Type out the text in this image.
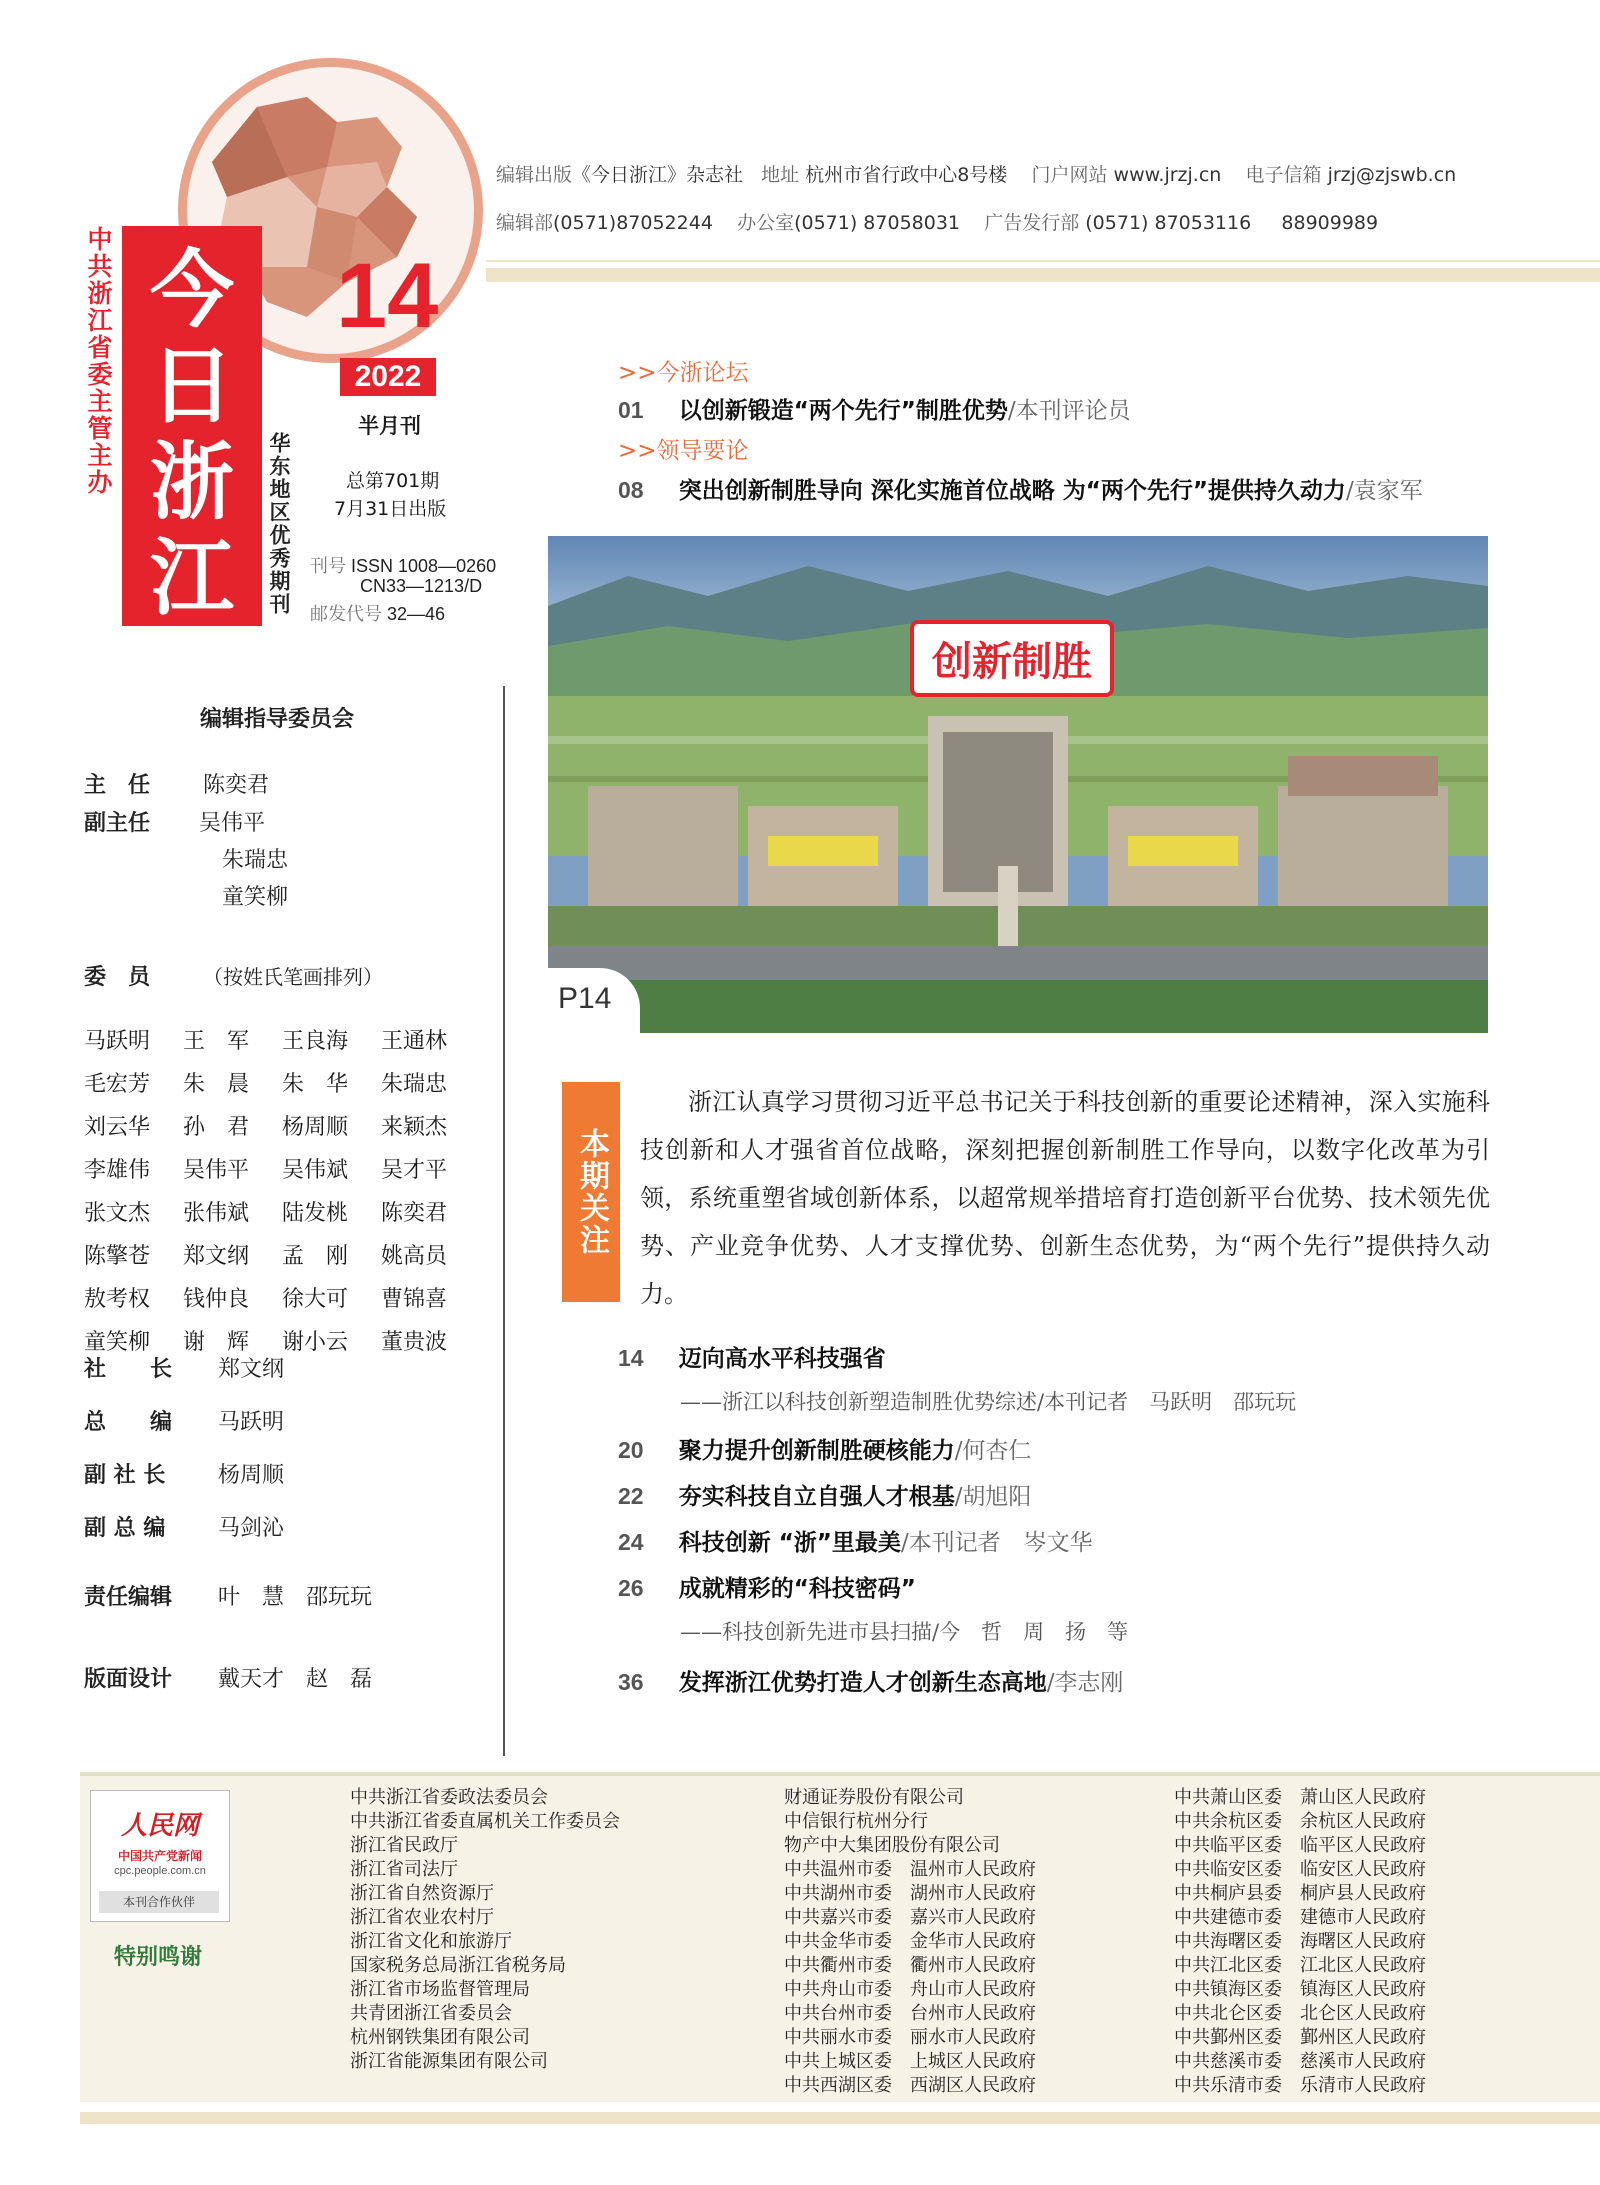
中共浙江省委主管主办 今
日
浙
江	华东地区优秀期刊
14
2022
半月刊
总第701期
7月31日出版
刊号 ISSN 1008—0260
CN33—1213/D
邮发代号 32—46
编辑出版《今日浙江》杂志社 地址 杭州市省行政中心8号楼 门户网站 www.jrzj.cn 电子信箱 jrzj@zjswb.cn
编辑部(0571)87052244 办公室(0571) 87058031 广告发行部 (0571) 87053116 88909989
>>今浙论坛
01 以创新锻造“两个先行”制胜优势/本刊评论员
>>领导要论
08 突出创新制胜导向 深化实施首位战略 为“两个先行”提供持久动力/袁家军
创新制胜
P14
本期关注
浙江认真学习贯彻习近平总书记关于科技创新的重要论述精神，深入实施科技创新和人才强省首位战略，深刻把握创新制胜工作导向，以数字化改革为引领，系统重塑省域创新体系，以超常规举措培育打造创新平台优势、技术领先优势、产业竞争优势、人才支撑优势、创新生态优势，为“两个先行”提供持久动力。
14 迈向高水平科技强省
——浙江以科技创新塑造制胜优势综述/本刊记者　马跃明　邵玩玩
20 聚力提升创新制胜硬核能力/何杏仁
22 夯实科技自立自强人才根基/胡旭阳
24 科技创新 “浙”里最美/本刊记者　岑文华
26 成就精彩的“科技密码”
——科技创新先进市县扫描/今　哲　周　扬　等
36 发挥浙江优势打造人才创新生态高地/李志刚
编辑指导委员会
主　任 陈奕君
副主任 吴伟平
朱瑞忠
童笑柳
委　员	（按姓氏笔画排列）
马跃明	王　军	王良海	王通林
毛宏芳	朱　晨	朱　华	朱瑞忠
刘云华	孙　君	杨周顺	来颖杰
李雄伟	吴伟平	吴伟斌	吴才平
张文杰	张伟斌	陆发桃	陈奕君
陈擎苍	郑文纲	孟　刚	姚高员
敖考权	钱仲良	徐大可	曹锦喜
童笑柳	谢　辉	谢小云	董贵波
社　　长 郑文纲
总　　编 马跃明
副 社 长 杨周顺
副 总 编 马剑沁
责任编辑 叶　慧　邵玩玩
版面设计 戴天才　赵　磊
人民网
中国共产党新闻
cpc.people.com.cn
本刊合作伙伴
特别鸣谢
中共浙江省委政法委员会
中共浙江省委直属机关工作委员会
浙江省民政厅
浙江省司法厅
浙江省自然资源厅
浙江省农业农村厅
浙江省文化和旅游厅
国家税务总局浙江省税务局
浙江省市场监督管理局
共青团浙江省委员会
杭州钢铁集团有限公司
浙江省能源集团有限公司
财通证券股份有限公司
中信银行杭州分行
物产中大集团股份有限公司
中共温州市委　温州市人民政府
中共湖州市委　湖州市人民政府
中共嘉兴市委　嘉兴市人民政府
中共金华市委　金华市人民政府
中共衢州市委　衢州市人民政府
中共舟山市委　舟山市人民政府
中共台州市委　台州市人民政府
中共丽水市委　丽水市人民政府
中共上城区委　上城区人民政府
中共西湖区委　西湖区人民政府
中共萧山区委　萧山区人民政府
中共余杭区委　余杭区人民政府
中共临平区委　临平区人民政府
中共临安区委　临安区人民政府
中共桐庐县委　桐庐县人民政府
中共建德市委　建德市人民政府
中共海曙区委　海曙区人民政府
中共江北区委　江北区人民政府
中共镇海区委　镇海区人民政府
中共北仑区委　北仑区人民政府
中共鄞州区委　鄞州区人民政府
中共慈溪市委　慈溪市人民政府
中共乐清市委　乐清市人民政府
